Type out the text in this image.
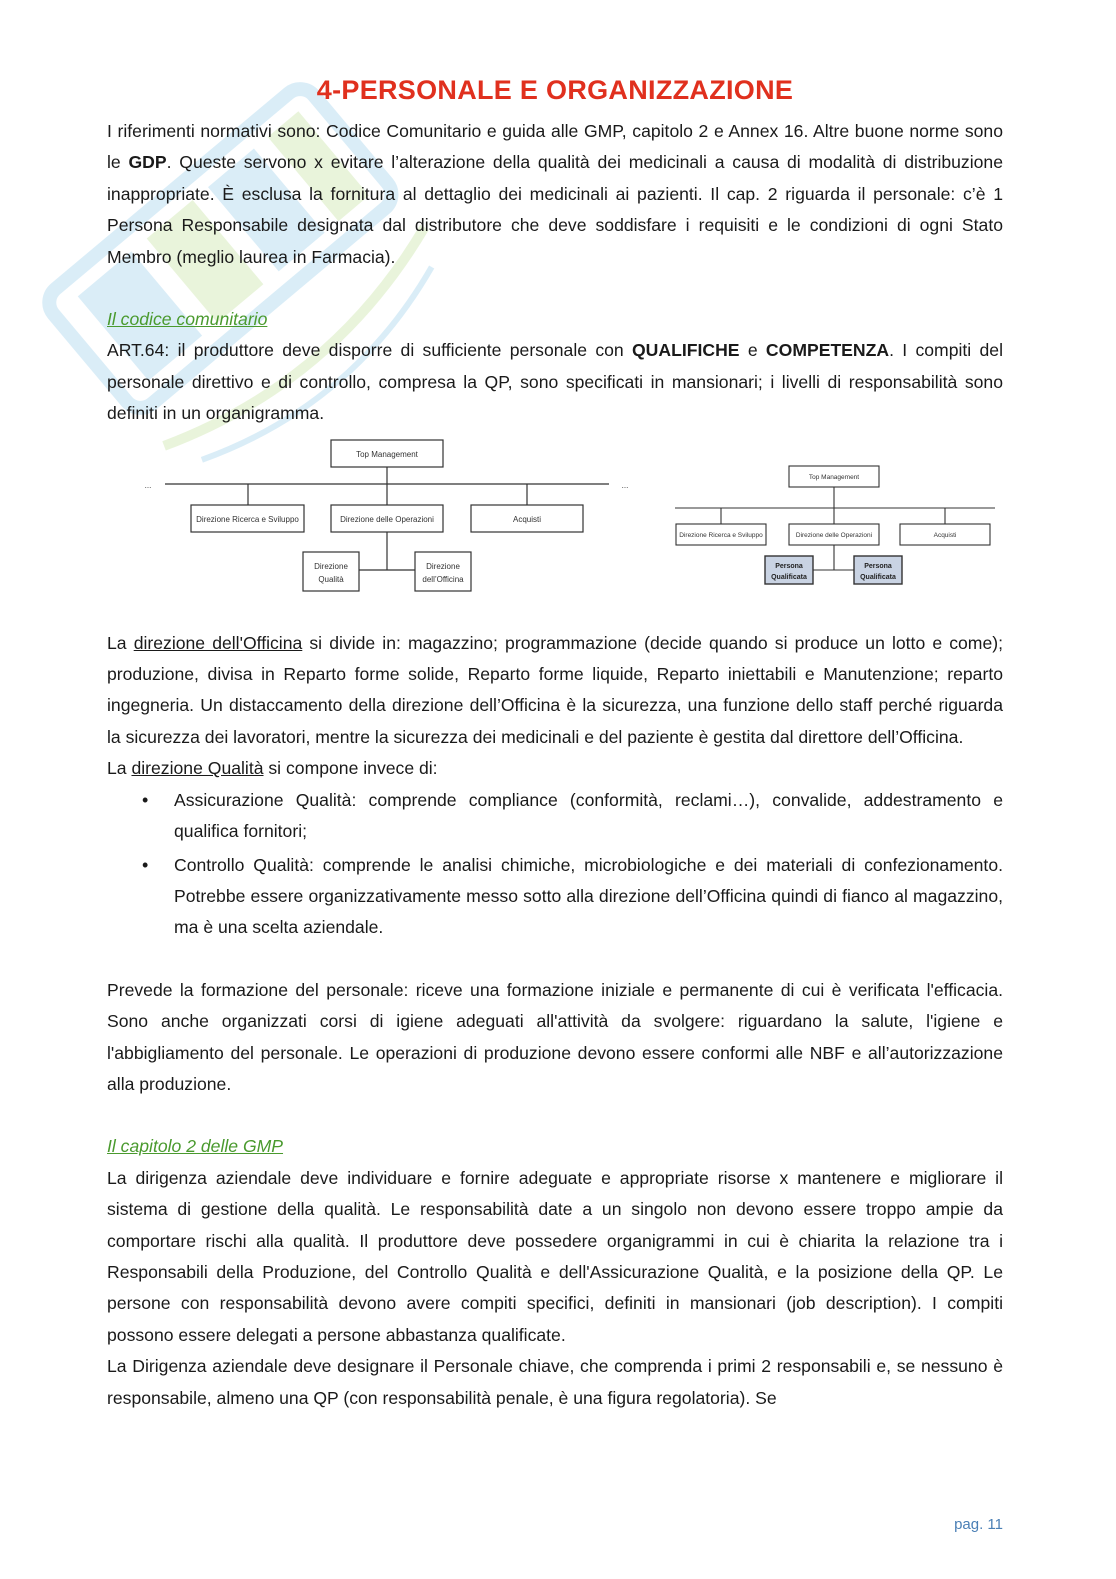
4-PERSONALE E ORGANIZZAZIONE

I riferimenti normativi sono: Codice Comunitario e guida alle GMP, capitolo 2 e Annex 16. Altre buone norme sono le GDP. Queste servono x evitare l’alterazione della qualità dei medicinali a causa di modalità di distribuzione inappropriate. È esclusa la fornitura al dettaglio dei medicinali ai pazienti. Il cap. 2 riguarda il personale: c’è 1 Persona Responsabile designata dal distributore che deve soddisfare i requisiti e le condizioni di ogni Stato Membro (meglio laurea in Farmacia).

Il codice comunitario

ART.64: il produttore deve disporre di sufficiente personale con QUALIFICHE e COMPETENZA. I compiti del personale direttivo e di controllo, compresa la QP, sono specificati in mansionari; i livelli di responsabilità sono definiti in un organigramma.

...	...
Top Management
Direzione Ricerca e Sviluppo	Direzione delle Operazioni	Acquisti
Direzione
Qualità
Direzione
dell’Officina
Top Management
Direzione Ricerca e Sviluppo	Direzione delle Operazioni	Acquisti
Persona
Qualificata
Persona
Qualificata

La direzione dell'Officina si divide in: magazzino; programmazione (decide quando si produce un lotto e come); produzione, divisa in Reparto forme solide, Reparto forme liquide, Reparto iniettabili e Manutenzione; reparto ingegneria. Un distaccamento della direzione dell’Officina è la sicurezza, una funzione dello staff perché riguarda la sicurezza dei lavoratori, mentre la sicurezza dei medicinali e del paziente è gestita dal direttore dell’Officina.

La direzione Qualità si compone invece di:

• Assicurazione Qualità: comprende compliance (conformità, reclami…), convalide, addestramento e qualifica fornitori;
• Controllo Qualità: comprende le analisi chimiche, microbiologiche e dei materiali di confezionamento. Potrebbe essere organizzativamente messo sotto alla direzione dell’Officina quindi di fianco al magazzino, ma è una scelta aziendale.

Prevede la formazione del personale: riceve una formazione iniziale e permanente di cui è verificata l'efficacia. Sono anche organizzati corsi di igiene adeguati all'attività da svolgere: riguardano la salute, l'igiene e l'abbigliamento del personale. Le operazioni di produzione devono essere conformi alle NBF e all’autorizzazione alla produzione.

Il capitolo 2 delle GMP

La dirigenza aziendale deve individuare e fornire adeguate e appropriate risorse x mantenere e migliorare il sistema di gestione della qualità. Le responsabilità date a un singolo non devono essere troppo ampie da comportare rischi alla qualità. Il produttore deve possedere organigrammi in cui è chiarita la relazione tra i Responsabili della Produzione, del Controllo Qualità e dell'Assicurazione Qualità, e la posizione della QP. Le persone con responsabilità devono avere compiti specifici, definiti in mansionari (job description). I compiti possono essere delegati a persone abbastanza qualificate.

La Dirigenza aziendale deve designare il Personale chiave, che comprenda i primi 2 responsabili e, se nessuno è responsabile, almeno una QP (con responsabilità penale, è una figura regolatoria). Se

pag. 11
